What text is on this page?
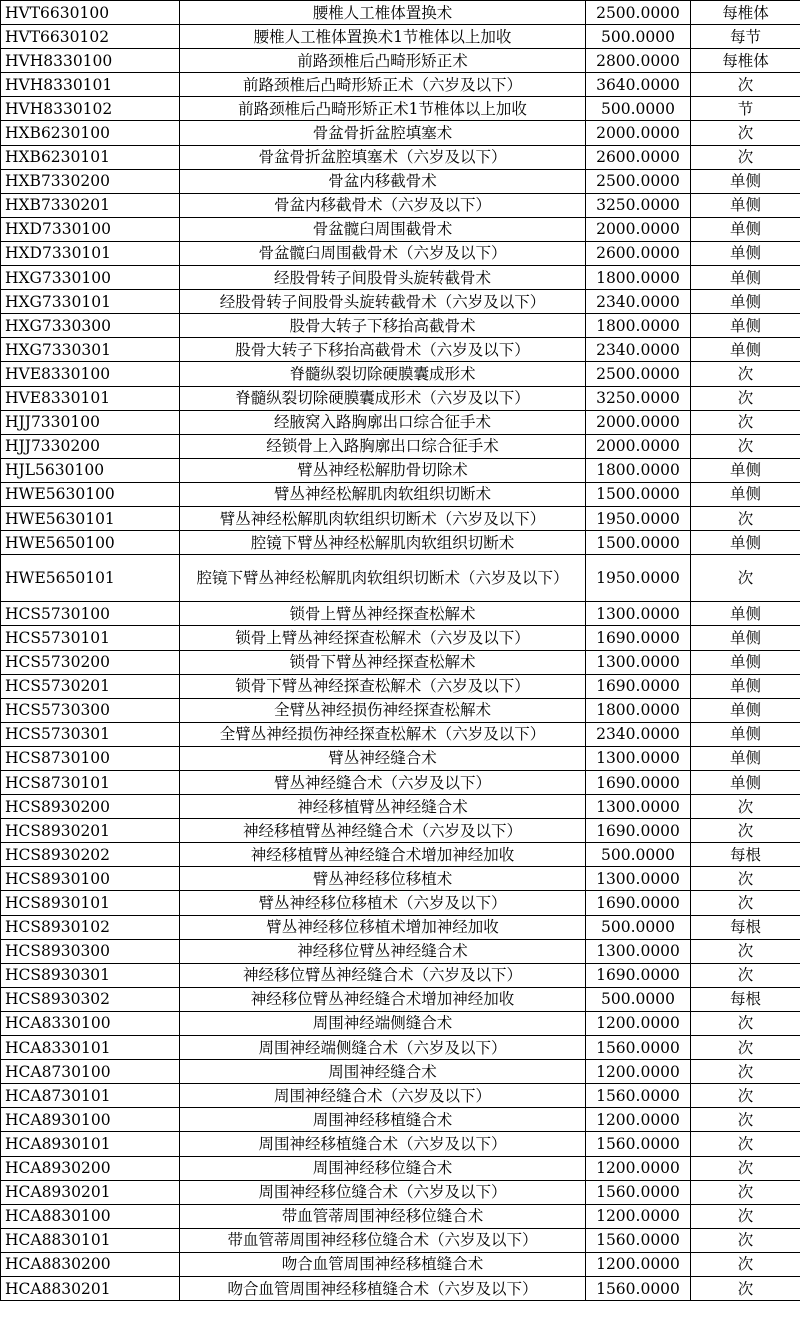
HVT6630100	腰椎人工椎体置换术	2500.0000	每椎体
HVT6630102	腰椎人工椎体置换术1节椎体以上加收	500.0000	每节
HVH8330100	前路颈椎后凸畸形矫正术	2800.0000	每椎体
HVH8330101	前路颈椎后凸畸形矫正术（六岁及以下）	3640.0000	次
HVH8330102	前路颈椎后凸畸形矫正术1节椎体以上加收	500.0000	节
HXB6230100	骨盆骨折盆腔填塞术	2000.0000	次
HXB6230101	骨盆骨折盆腔填塞术（六岁及以下）	2600.0000	次
HXB7330200	骨盆内移截骨术	2500.0000	单侧
HXB7330201	骨盆内移截骨术（六岁及以下）	3250.0000	单侧
HXD7330100	骨盆髋臼周围截骨术	2000.0000	单侧
HXD7330101	骨盆髋臼周围截骨术（六岁及以下）	2600.0000	单侧
HXG7330100	经股骨转子间股骨头旋转截骨术	1800.0000	单侧
HXG7330101	经股骨转子间股骨头旋转截骨术（六岁及以下）	2340.0000	单侧
HXG7330300	股骨大转子下移抬高截骨术	1800.0000	单侧
HXG7330301	股骨大转子下移抬高截骨术（六岁及以下）	2340.0000	单侧
HVE8330100	脊髓纵裂切除硬膜囊成形术	2500.0000	次
HVE8330101	脊髓纵裂切除硬膜囊成形术（六岁及以下）	3250.0000	次
HJJ7330100	经腋窝入路胸廓出口综合征手术	2000.0000	次
HJJ7330200	经锁骨上入路胸廓出口综合征手术	2000.0000	次
HJL5630100	臂丛神经松解肋骨切除术	1800.0000	单侧
HWE5630100	臂丛神经松解肌肉软组织切断术	1500.0000	单侧
HWE5630101	臂丛神经松解肌肉软组织切断术（六岁及以下）	1950.0000	次
HWE5650100	腔镜下臂丛神经松解肌肉软组织切断术	1500.0000	单侧
HWE5650101	腔镜下臂丛神经松解肌肉软组织切断术（六岁及以下）	1950.0000	次
HCS5730100	锁骨上臂丛神经探查松解术	1300.0000	单侧
HCS5730101	锁骨上臂丛神经探查松解术（六岁及以下）	1690.0000	单侧
HCS5730200	锁骨下臂丛神经探查松解术	1300.0000	单侧
HCS5730201	锁骨下臂丛神经探查松解术（六岁及以下）	1690.0000	单侧
HCS5730300	全臂丛神经损伤神经探查松解术	1800.0000	单侧
HCS5730301	全臂丛神经损伤神经探查松解术（六岁及以下）	2340.0000	单侧
HCS8730100	臂丛神经缝合术	1300.0000	单侧
HCS8730101	臂丛神经缝合术（六岁及以下）	1690.0000	单侧
HCS8930200	神经移植臂丛神经缝合术	1300.0000	次
HCS8930201	神经移植臂丛神经缝合术（六岁及以下）	1690.0000	次
HCS8930202	神经移植臂丛神经缝合术增加神经加收	500.0000	每根
HCS8930100	臂丛神经移位移植术	1300.0000	次
HCS8930101	臂丛神经移位移植术（六岁及以下）	1690.0000	次
HCS8930102	臂丛神经移位移植术增加神经加收	500.0000	每根
HCS8930300	神经移位臂丛神经缝合术	1300.0000	次
HCS8930301	神经移位臂丛神经缝合术（六岁及以下）	1690.0000	次
HCS8930302	神经移位臂丛神经缝合术增加神经加收	500.0000	每根
HCA8330100	周围神经端侧缝合术	1200.0000	次
HCA8330101	周围神经端侧缝合术（六岁及以下）	1560.0000	次
HCA8730100	周围神经缝合术	1200.0000	次
HCA8730101	周围神经缝合术（六岁及以下）	1560.0000	次
HCA8930100	周围神经移植缝合术	1200.0000	次
HCA8930101	周围神经移植缝合术（六岁及以下）	1560.0000	次
HCA8930200	周围神经移位缝合术	1200.0000	次
HCA8930201	周围神经移位缝合术（六岁及以下）	1560.0000	次
HCA8830100	带血管蒂周围神经移位缝合术	1200.0000	次
HCA8830101	带血管蒂周围神经移位缝合术（六岁及以下）	1560.0000	次
HCA8830200	吻合血管周围神经移植缝合术	1200.0000	次
HCA8830201	吻合血管周围神经移植缝合术（六岁及以下）	1560.0000	次
